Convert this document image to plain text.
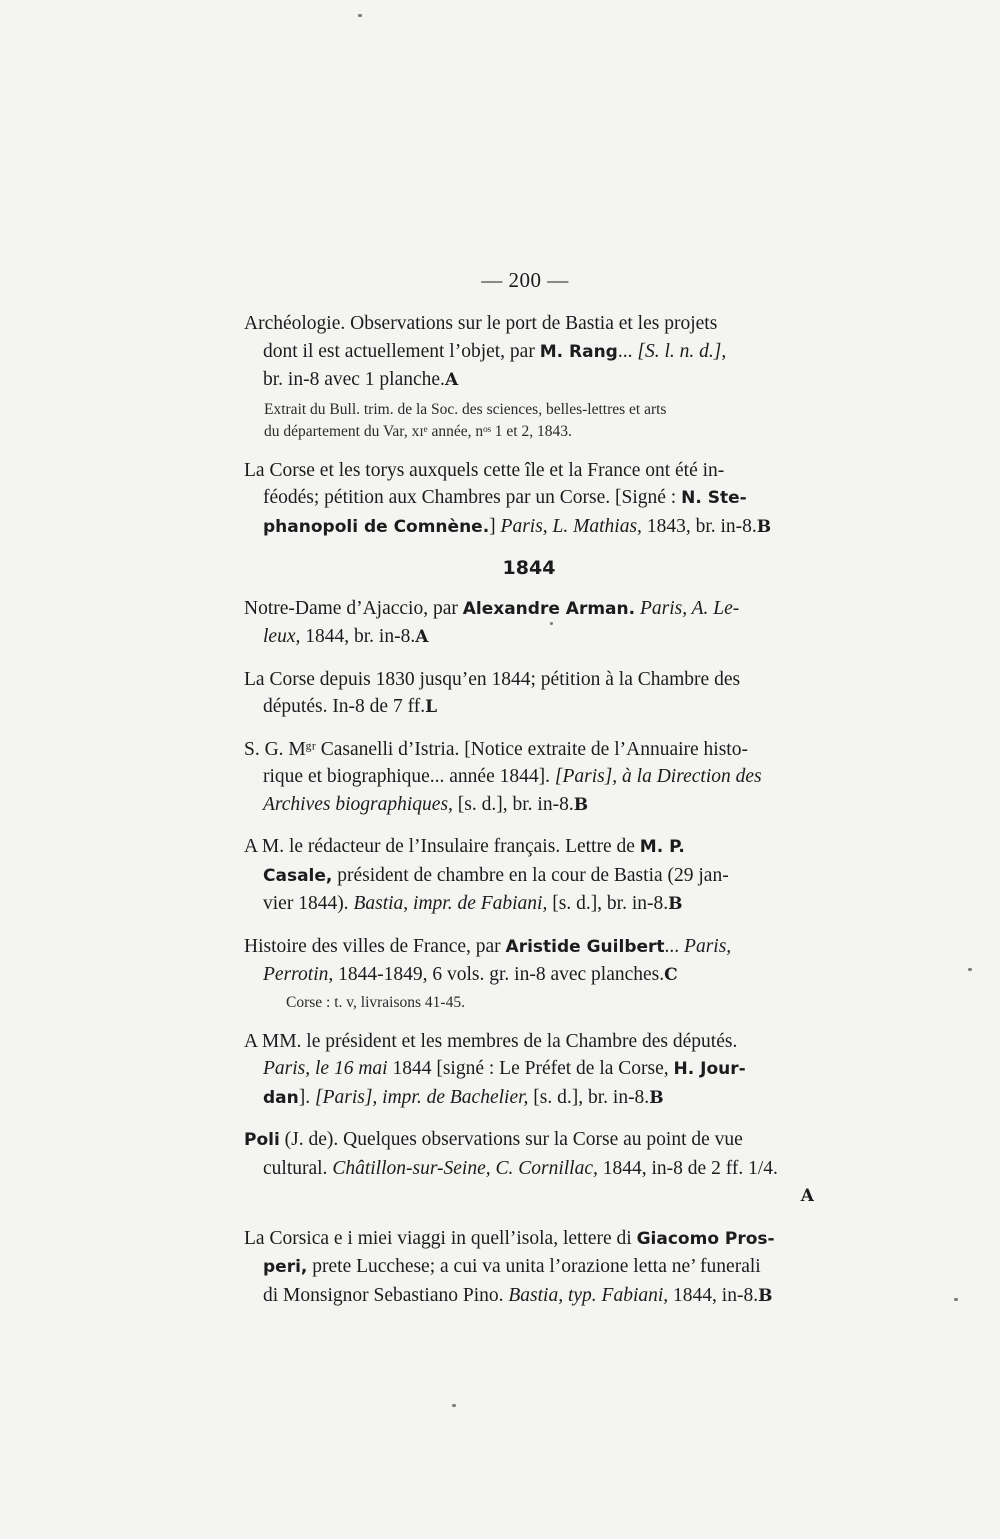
— 200 —
Archéologie. Observations sur le port de Bastia et les projets
dont il est actuellement l’objet, par M. Rang... [S. l. n. d.],
br. in-8 avec 1 planche.A
Extrait du Bull. trim. de la Soc. des sciences, belles-lettres et arts
du département du Var, xɪᵉ année, nᵒˢ 1 et 2, 1843.
La Corse et les torys auxquels cette île et la France ont été in-
féodés; pétition aux Chambres par un Corse. [Signé : N. Ste-
phanopoli de Comnène.] Paris, L. Mathias, 1843, br. in-8.B
1844
Notre-Dame d’Ajaccio, par Alexandre Arman. Paris, A. Le-
leux, 1844, br. in-8.A
La Corse depuis 1830 jusqu’en 1844; pétition à la Chambre des
députés. In-8 de 7 ff.L
S. G. Mᵍʳ Casanelli d’Istria. [Notice extraite de l’Annuaire histo-
rique et biographique... année 1844]. [Paris], à la Direction des
Archives biographiques, [s. d.], br. in-8.B
A M. le rédacteur de l’Insulaire français. Lettre de M. P.
Casale, président de chambre en la cour de Bastia (29 jan-
vier 1844). Bastia, impr. de Fabiani, [s. d.], br. in-8.B
Histoire des villes de France, par Aristide Guilbert... Paris,
Perrotin, 1844-1849, 6 vols. gr. in-8 avec planches.C
Corse : t. v, livraisons 41-45.
A MM. le président et les membres de la Chambre des députés.
Paris, le 16 mai 1844 [signé : Le Préfet de la Corse, H. Jour-
dan]. [Paris], impr. de Bachelier, [s. d.], br. in-8.B
Poli (J. de). Quelques observations sur la Corse au point de vue
cultural. Châtillon-sur-Seine, C. Cornillac, 1844, in-8 de 2 ff. 1/4.
A
La Corsica e i miei viaggi in quell’isola, lettere di Giacomo Pros-
peri, prete Lucchese; a cui va unita l’orazione letta ne’ funerali
di Monsignor Sebastiano Pino. Bastia, typ. Fabiani, 1844, in-8.B
